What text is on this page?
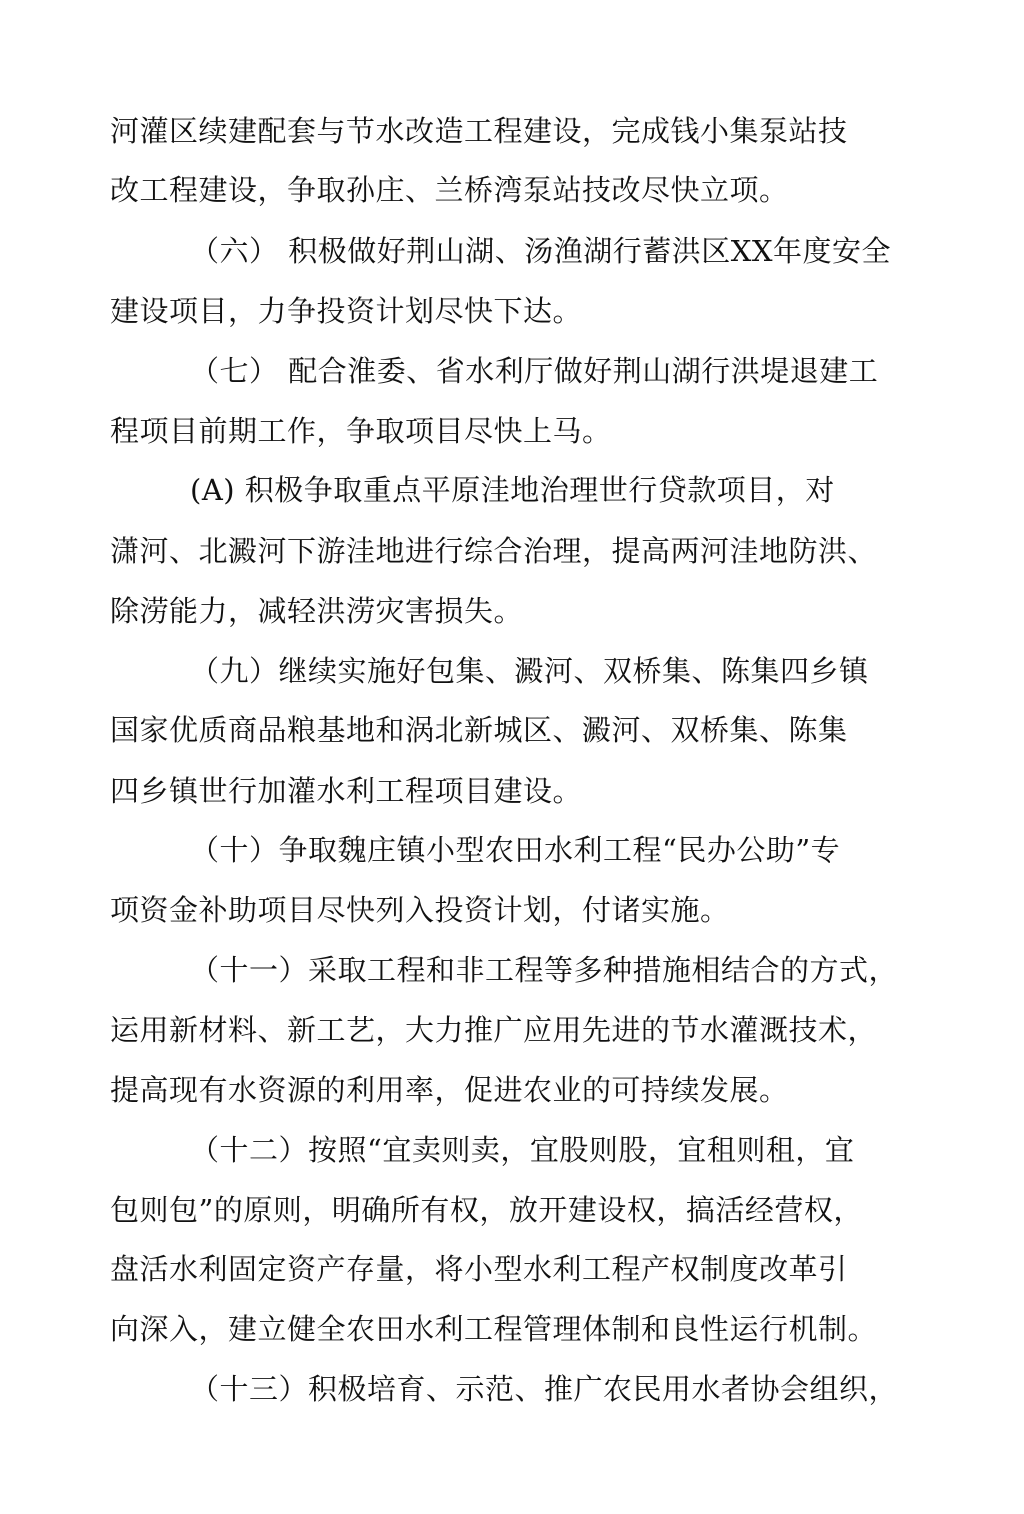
河灌区续建配套与节水改造工程建设，完成钱小集泵站技
改工程建设，争取孙庄、兰桥湾泵站技改尽快立项。
（六） 积极做好荆山湖、汤渔湖行蓄洪区XX年度安全
建设项目，力争投资计划尽快下达。
（七） 配合淮委、省水利厅做好荆山湖行洪堤退建工
程项目前期工作，争取项目尽快上马。
(A) 积极争取重点平原洼地治理世行贷款项目，对
潇河、北澱河下游洼地进行综合治理，提高两河洼地防洪、
除涝能力，减轻洪涝灾害损失。
（九）继续实施好包集、澱河、双桥集、陈集四乡镇
国家优质商品粮基地和涡北新城区、澱河、双桥集、陈集
四乡镇世行加灌水利工程项目建设。
（十）争取魏庄镇小型农田水利工程“民办公助”专
项资金补助项目尽快列入投资计划，付诸实施。
（十一）采取工程和非工程等多种措施相结合的方式，
运用新材料、新工艺，大力推广应用先进的节水灌溉技术，
提高现有水资源的利用率，促进农业的可持续发展。
（十二）按照“宜卖则卖，宜股则股，宜租则租，宜
包则包”的原则，明确所有权，放开建设权，搞活经营权，
盘活水利固定资产存量，将小型水利工程产权制度改革引
向深入，建立健全农田水利工程管理体制和良性运行机制。
（十三）积极培育、示范、推广农民用水者协会组织，
